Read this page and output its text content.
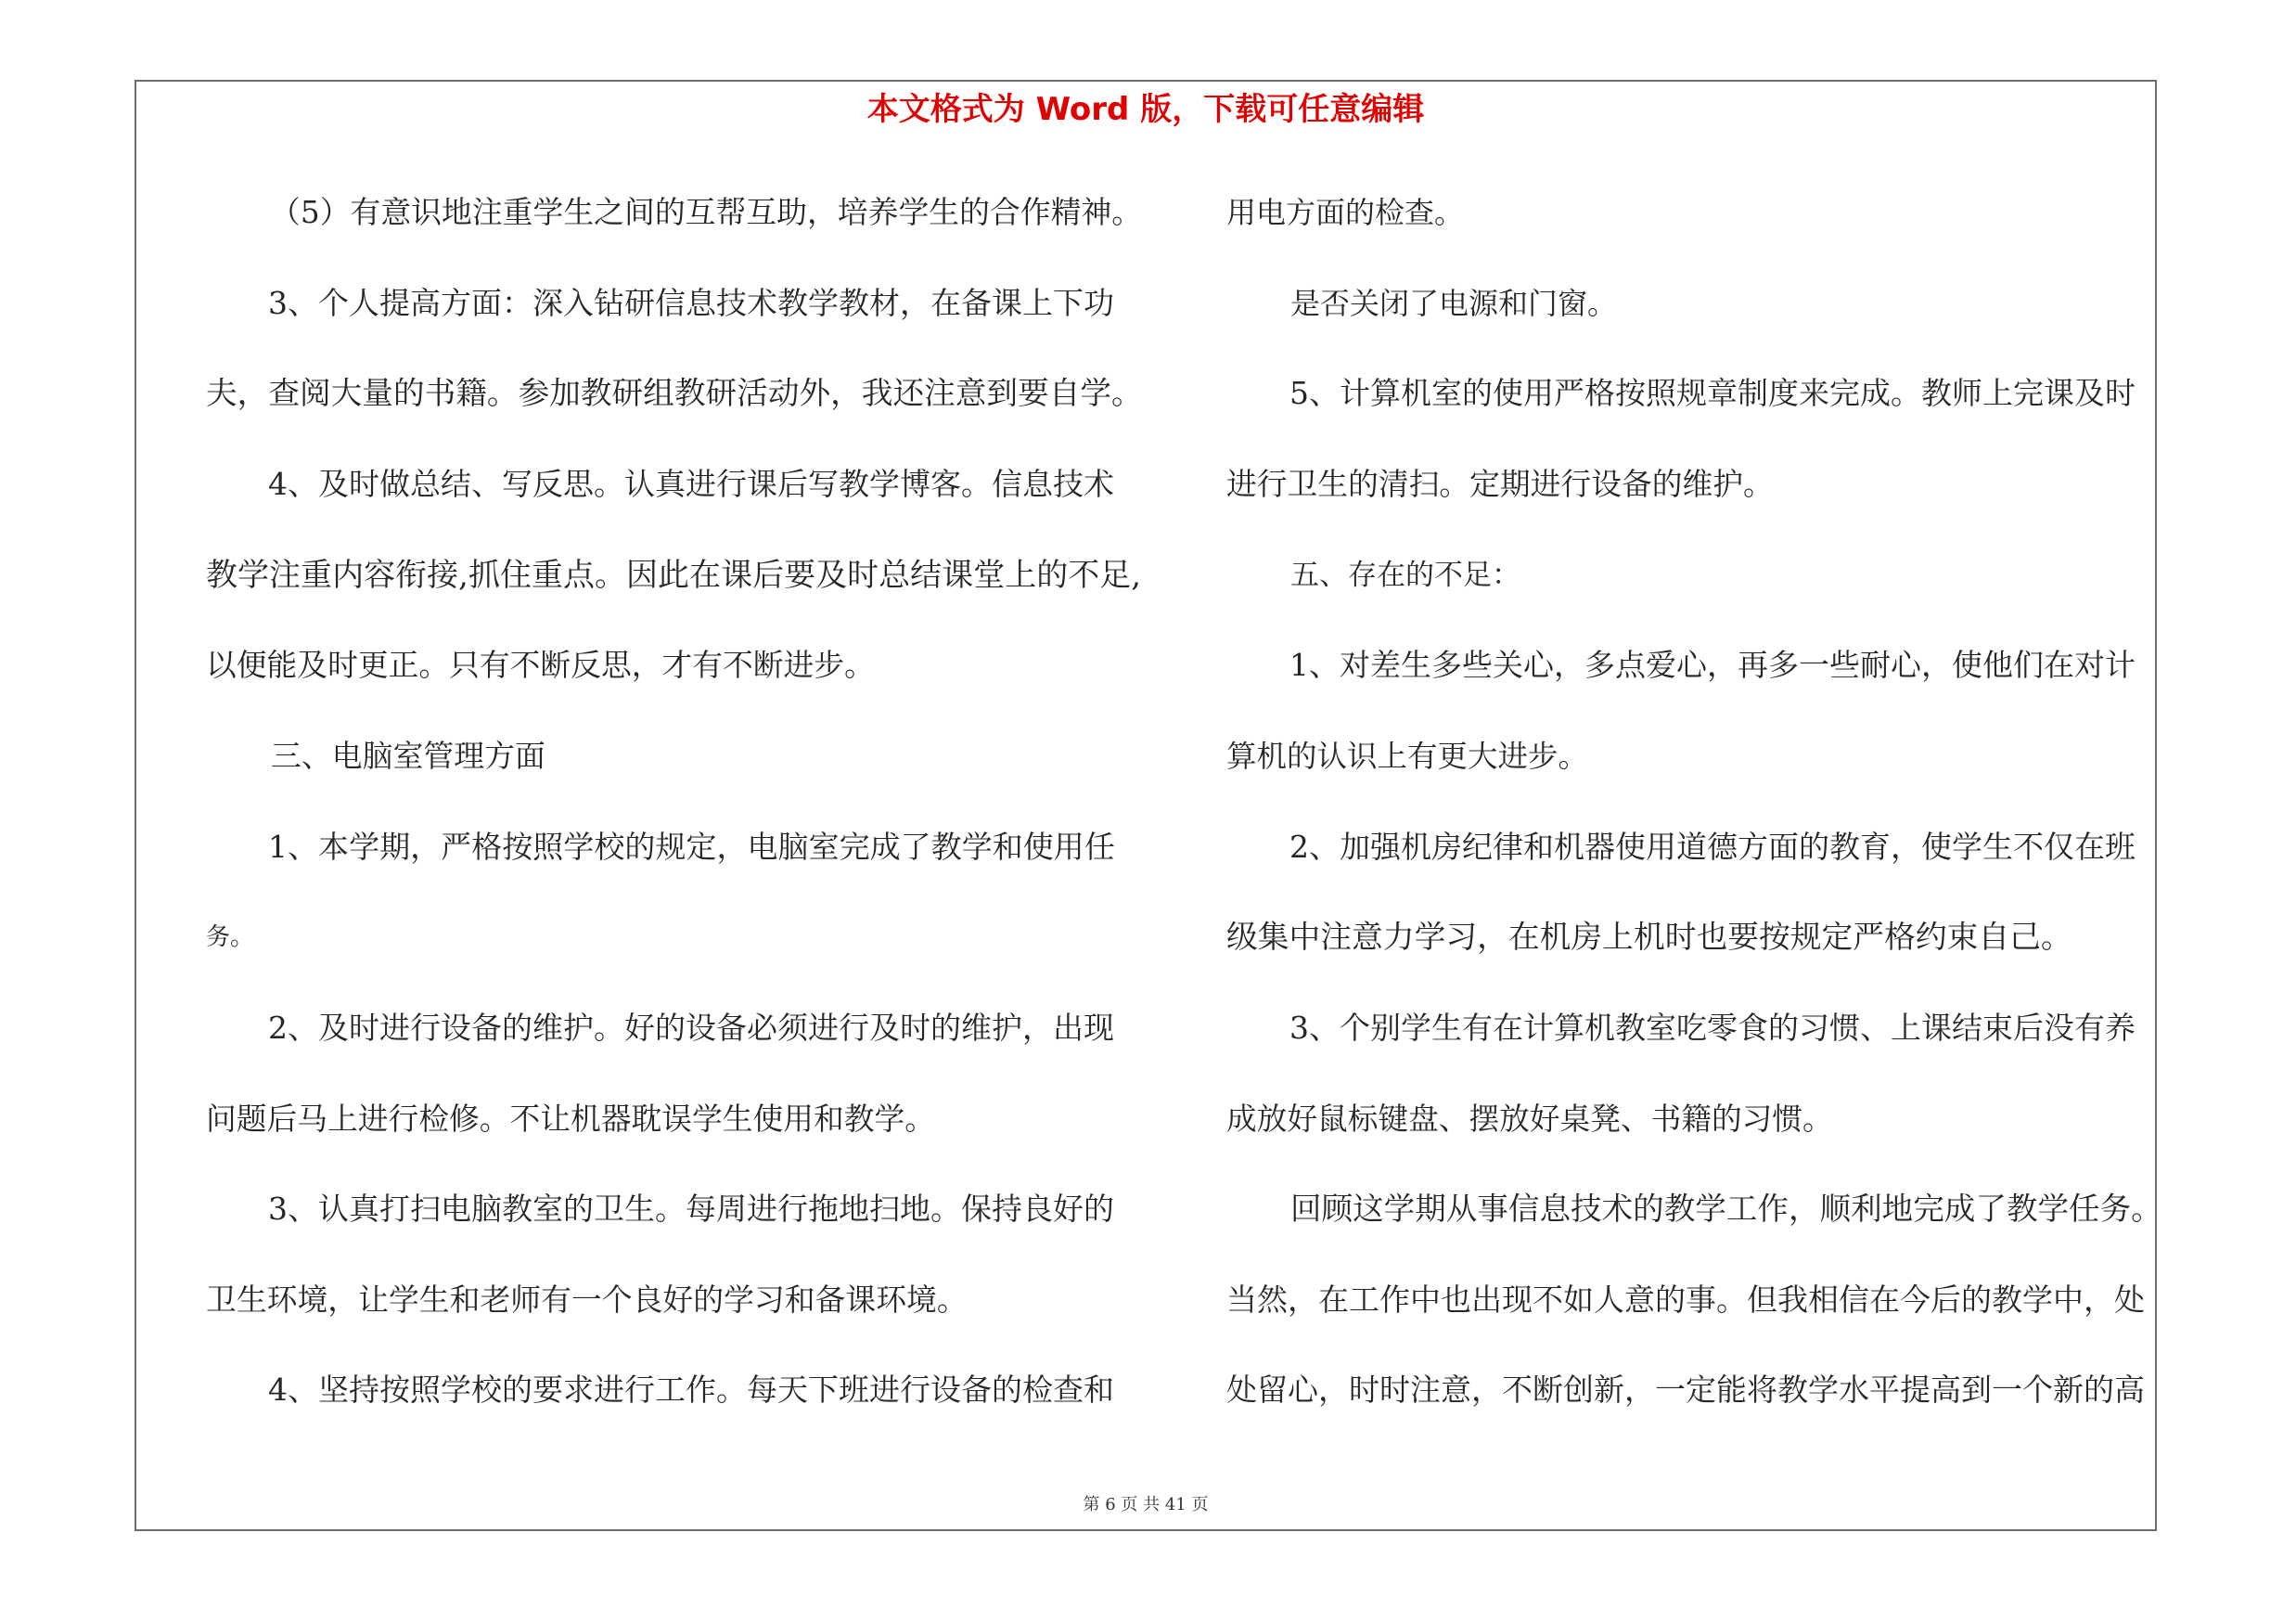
本文格式为 Word 版，下载可任意编辑
（5）有意识地注重学生之间的互帮互助，培养学生的合作精神。
3、个人提高方面：深入钻研信息技术教学教材，在备课上下功
夫，查阅大量的书籍。参加教研组教研活动外，我还注意到要自学。
4、及时做总结、写反思。认真进行课后写教学博客。信息技术
教学注重内容衔接,抓住重点。因此在课后要及时总结课堂上的不足,
以便能及时更正。只有不断反思，才有不断进步。
三、电脑室管理方面
1、本学期，严格按照学校的规定，电脑室完成了教学和使用任
务。
2、及时进行设备的维护。好的设备必须进行及时的维护，出现
问题后马上进行检修。不让机器耽误学生使用和教学。
3、认真打扫电脑教室的卫生。每周进行拖地扫地。保持良好的
卫生环境，让学生和老师有一个良好的学习和备课环境。
4、坚持按照学校的要求进行工作。每天下班进行设备的检查和
用电方面的检查。
是否关闭了电源和门窗。
5、计算机室的使用严格按照规章制度来完成。教师上完课及时
进行卫生的清扫。定期进行设备的维护。
五、存在的不足：
1、对差生多些关心，多点爱心，再多一些耐心，使他们在对计
算机的认识上有更大进步。
2、加强机房纪律和机器使用道德方面的教育，使学生不仅在班
级集中注意力学习，在机房上机时也要按规定严格约束自己。
3、个别学生有在计算机教室吃零食的习惯、上课结束后没有养
成放好鼠标键盘、摆放好桌凳、书籍的习惯。
回顾这学期从事信息技术的教学工作，顺利地完成了教学任务。
当然，在工作中也出现不如人意的事。但我相信在今后的教学中，处
处留心，时时注意，不断创新，一定能将教学水平提高到一个新的高
第 6 页 共 41 页
